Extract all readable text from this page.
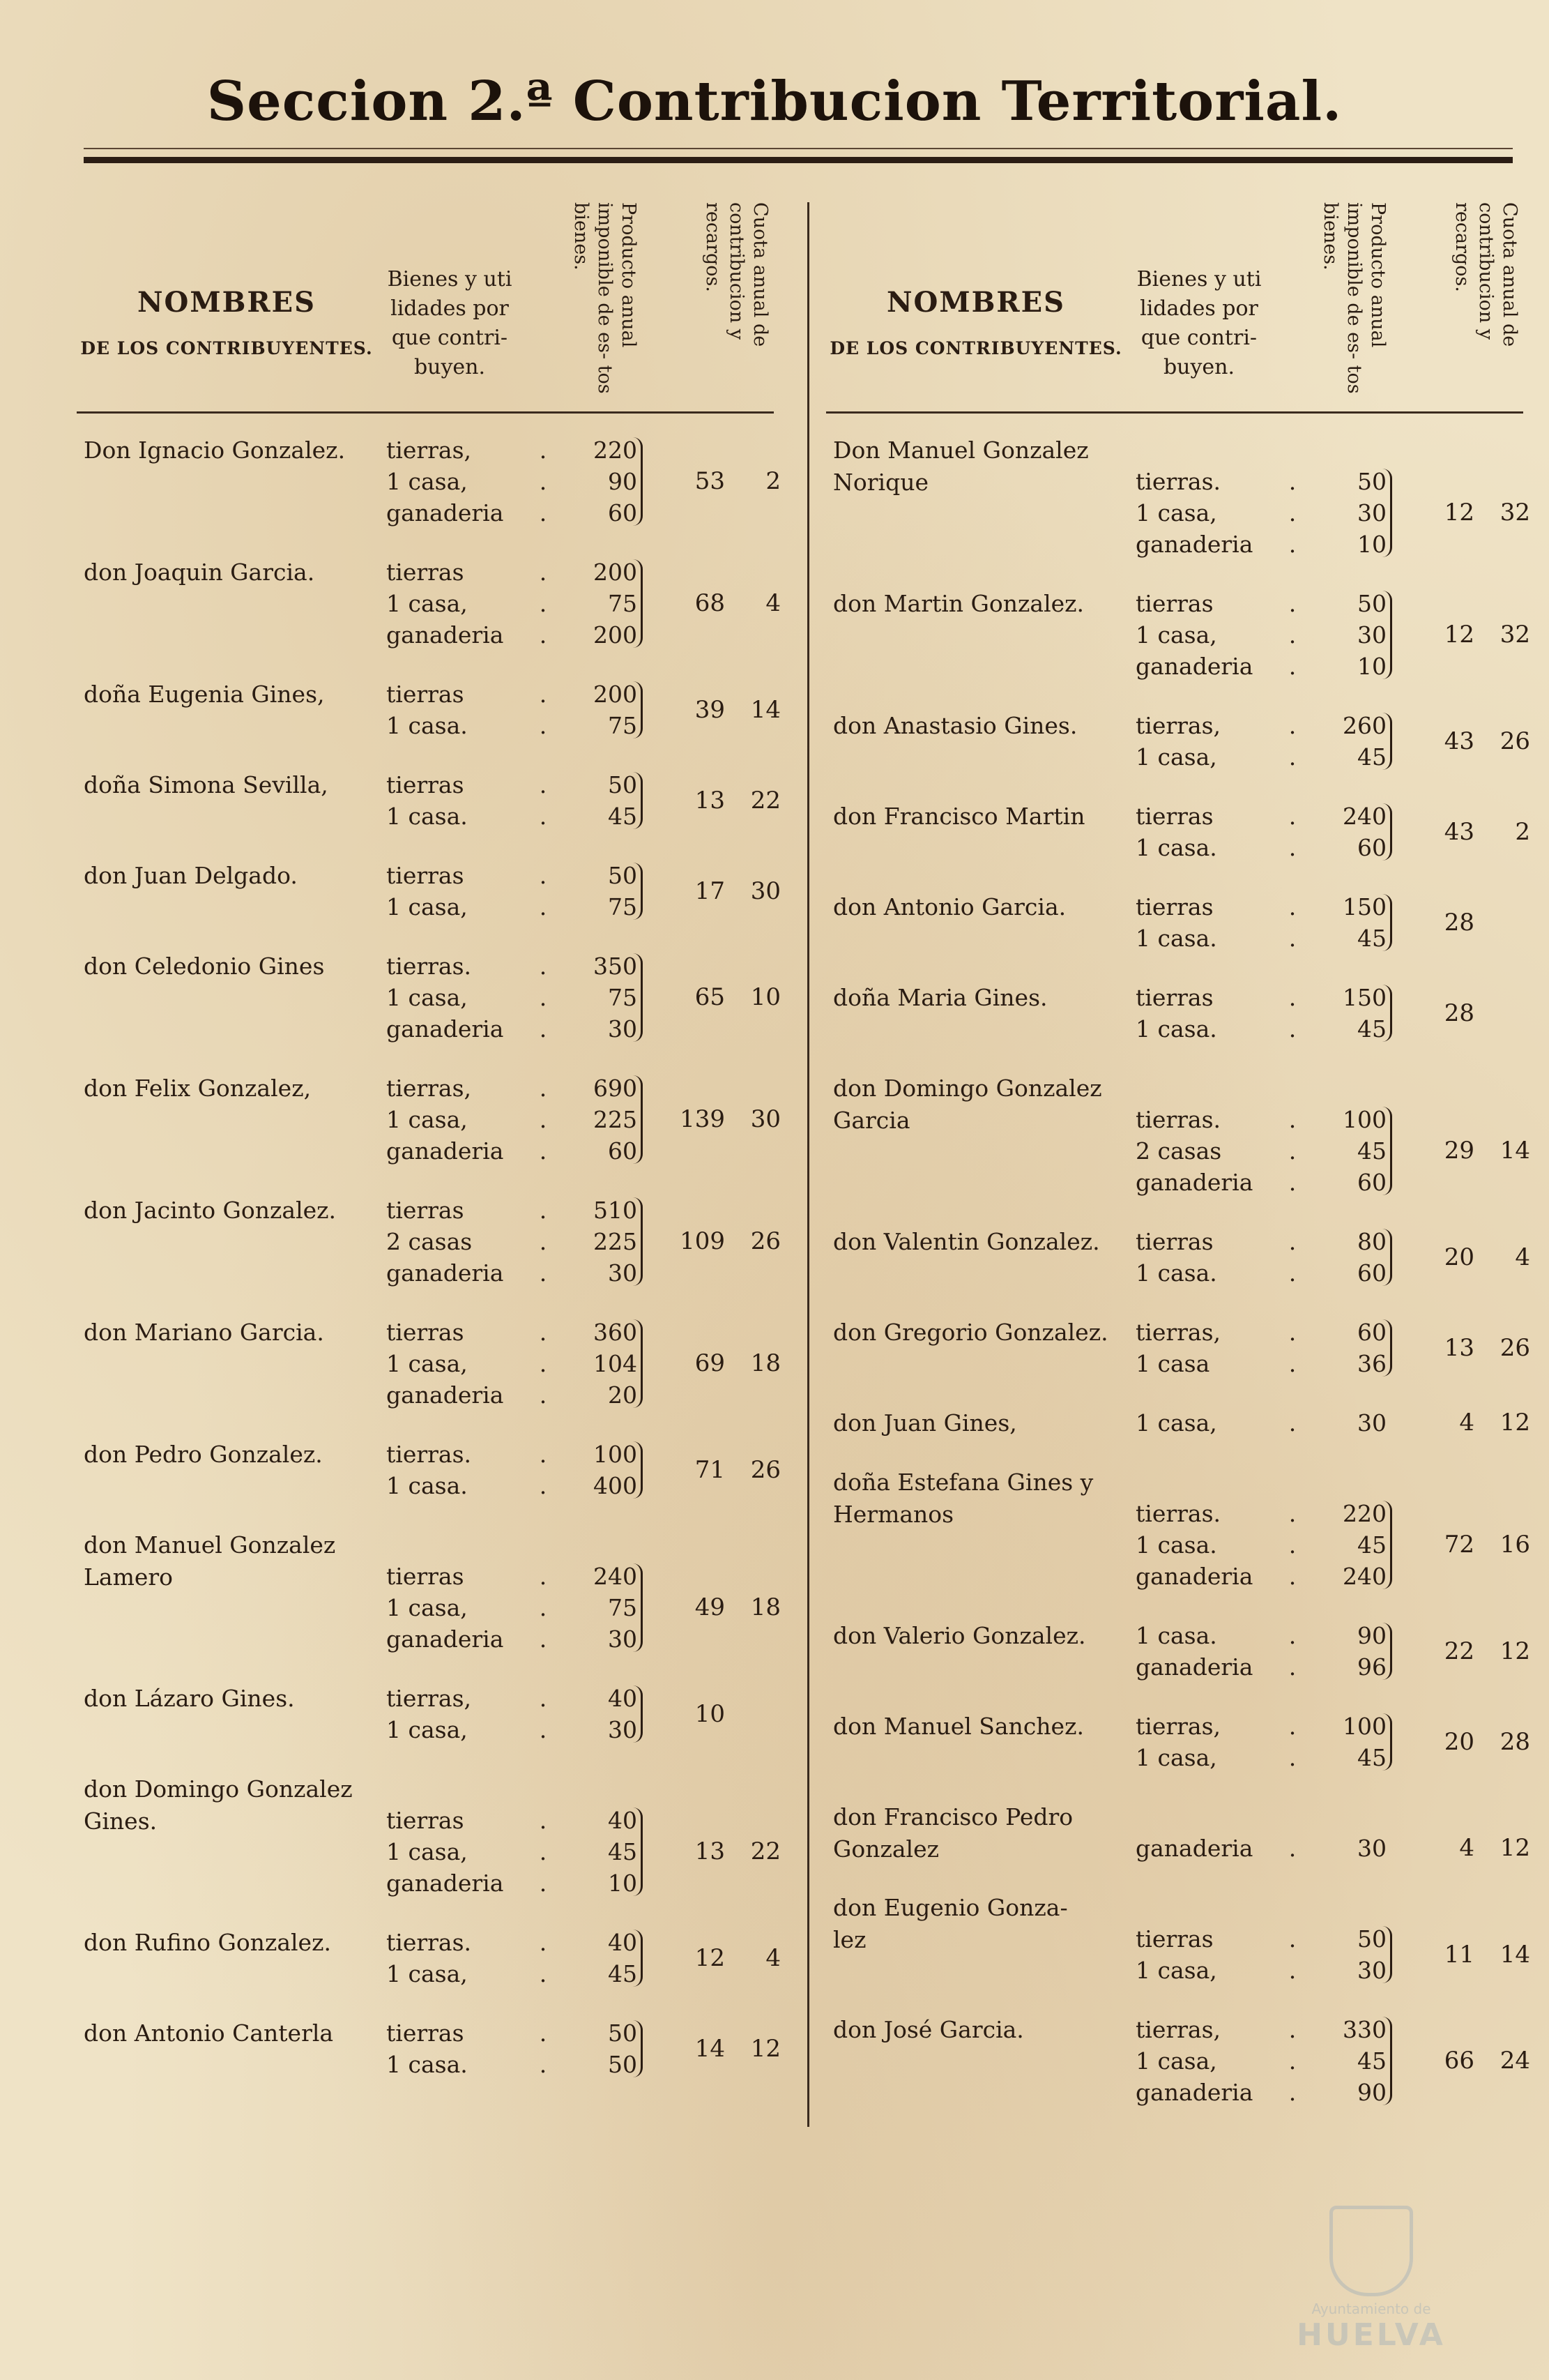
Seccion 2.ª Contribucion Territorial.
NOMBRES
DE LOS CONTRIBUYENTES.
Bienes y uti lidades por que contri- buyen.
Producto anual imponible de es- tos bienes.	Cuota anual de contribucion y recargos.
Don Ignacio Gonzalez.	tierras,	.	220
1 casa,	.	90
ganaderia	.	60
53	2
don Joaquin Garcia.	tierras	.	200
1 casa,	.	75
ganaderia	.	200
68	4
doña Eugenia Gines,	tierras	.	200
1 casa.	.	75
39	14
doña Simona Sevilla,	tierras	.	50
1 casa.	.	45
13	22
don Juan Delgado.	tierras	.	50
1 casa,	.	75
17	30
don Celedonio Gines	tierras.	.	350
1 casa,	.	75
ganaderia	.	30
65	10
don Felix Gonzalez,	tierras,	.	690
1 casa,	.	225
ganaderia	.	60
139	30
don Jacinto Gonzalez.	tierras	.	510
2 casas	.	225
ganaderia	.	30
109	26
don Mariano Garcia.	tierras	.	360
1 casa,	.	104
ganaderia	.	20
69	18
don Pedro Gonzalez.	tierras.	.	100
1 casa.	.	400
71	26
don Manuel Gonzalez
Lamero	tierras	.	240
1 casa,	.	75
ganaderia	.	30
49	18
don Lázaro Gines.	tierras,	.	40
1 casa,	.	30
10
don Domingo Gonzalez
Gines.	tierras	.	40
1 casa,	.	45
ganaderia	.	10
13	22
don Rufino Gonzalez.	tierras.	.	40
1 casa,	.	45
12	4
don Antonio Canterla	tierras	.	50
1 casa.	.	50
14	12
NOMBRES
DE LOS CONTRIBUYENTES.
Bienes y uti lidades por que contri- buyen.
Producto anual imponible de es- tos bienes.	Cuota anual de contribucion y recargos.
Don Manuel Gonzalez
Norique	tierras.	.	50
1 casa,	.	30
ganaderia	.	10
12	32
don Martin Gonzalez.	tierras	.	50
1 casa,	.	30
ganaderia	.	10
12	32
don Anastasio Gines.	tierras,	.	260
1 casa,	.	45
43	26
don Francisco Martin	tierras	.	240
1 casa.	.	60
43	2
don Antonio Garcia.	tierras	.	150
1 casa.	.	45
28
doña Maria Gines.	tierras	.	150
1 casa.	.	45
28
don Domingo Gonzalez
Garcia	tierras.	.	100
2 casas	.	45
ganaderia	.	60
29	14
don Valentin Gonzalez.	tierras	.	80
1 casa.	.	60
20	4
don Gregorio Gonzalez.	tierras,	.	60
1 casa	.	36
13	26
don Juan Gines,	1 casa,	.	30	4	12
doña Estefana Gines y
Hermanos	tierras.	.	220
1 casa.	.	45
ganaderia	.	240
72	16
don Valerio Gonzalez.	1 casa.	.	90
ganaderia	.	96
22	12
don Manuel Sanchez.	tierras,	.	100
1 casa,	.	45
20	28
don Francisco Pedro
Gonzalez	ganaderia	.	30	4	12
don Eugenio Gonza-
lez	tierras	.	50
1 casa,	.	30
11	14
don José Garcia.	tierras,	.	330
1 casa,	.	45
ganaderia	.	90
66	24
Ayuntamiento de
HUELVA
